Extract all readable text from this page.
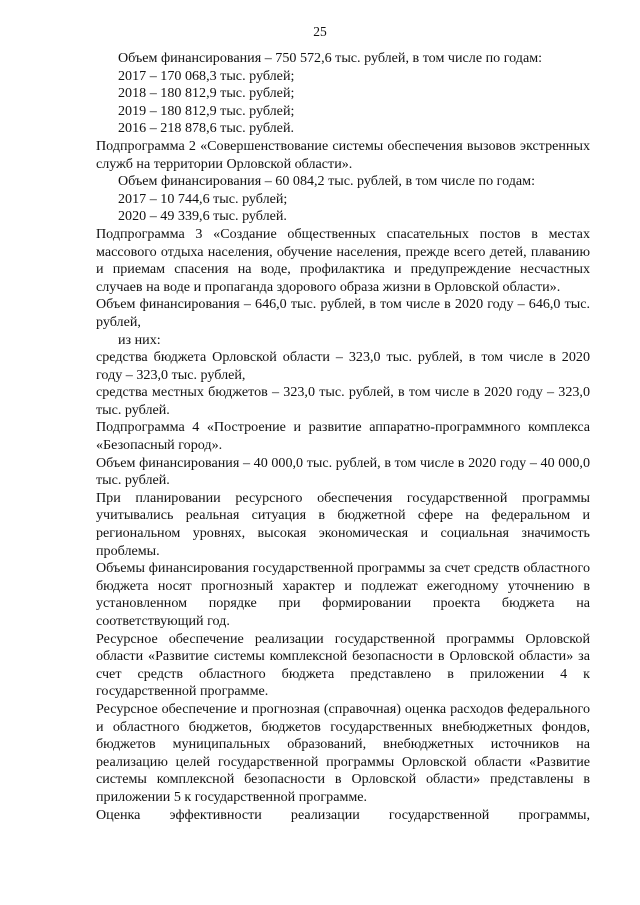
25

Объем финансирования – 750 572,6 тыс. рублей, в том числе по годам:

2017 – 170 068,3 тыс. рублей;

2018 – 180 812,9 тыс. рублей;

2019 – 180 812,9 тыс. рублей;

2016 – 218 878,6 тыс. рублей.

Подпрограмма 2 «Совершенствование системы обеспечения вызовов экстренных служб на территории Орловской области».

Объем финансирования – 60 084,2 тыс. рублей, в том числе по годам:

2017 – 10 744,6 тыс. рублей;

2020 – 49 339,6 тыс. рублей.

Подпрограмма 3 «Создание общественных спасательных постов в местах массового отдыха населения, обучение населения, прежде всего детей, плаванию и приемам спасения на воде, профилактика и предупреждение несчастных случаев на воде и пропаганда здорового образа жизни в Орловской области».

Объем финансирования – 646,0 тыс. рублей, в том числе в 2020 году – 646,0 тыс. рублей,

из них:

средства бюджета Орловской области – 323,0 тыс. рублей, в том числе в 2020 году – 323,0 тыс. рублей,

средства местных бюджетов – 323,0 тыс. рублей, в том числе в 2020 году – 323,0 тыс. рублей.

Подпрограмма 4 «Построение и развитие аппаратно-программного комплекса «Безопасный город».

Объем финансирования – 40 000,0 тыс. рублей, в том числе в 2020 году – 40 000,0 тыс. рублей.

При планировании ресурсного обеспечения государственной программы учитывались реальная ситуация в бюджетной сфере на федеральном и региональном уровнях, высокая экономическая и социальная значимость проблемы.

Объемы финансирования государственной программы за счет средств областного бюджета носят прогнозный характер и подлежат ежегодному уточнению в установленном порядке при формировании проекта бюджета на соответствующий год.

Ресурсное обеспечение реализации государственной программы Орловской области «Развитие системы комплексной безопасности в Орловской области» за счет средств областного бюджета представлено в приложении 4 к государственной программе.

Ресурсное обеспечение и прогнозная (справочная) оценка расходов федерального и областного бюджетов, бюджетов государственных внебюджетных фондов, бюджетов муниципальных образований, внебюджетных источников на реализацию целей государственной программы Орловской области «Развитие системы комплексной безопасности в Орловской области» представлены в приложении 5 к государственной программе.

Оценка эффективности реализации государственной программы,
